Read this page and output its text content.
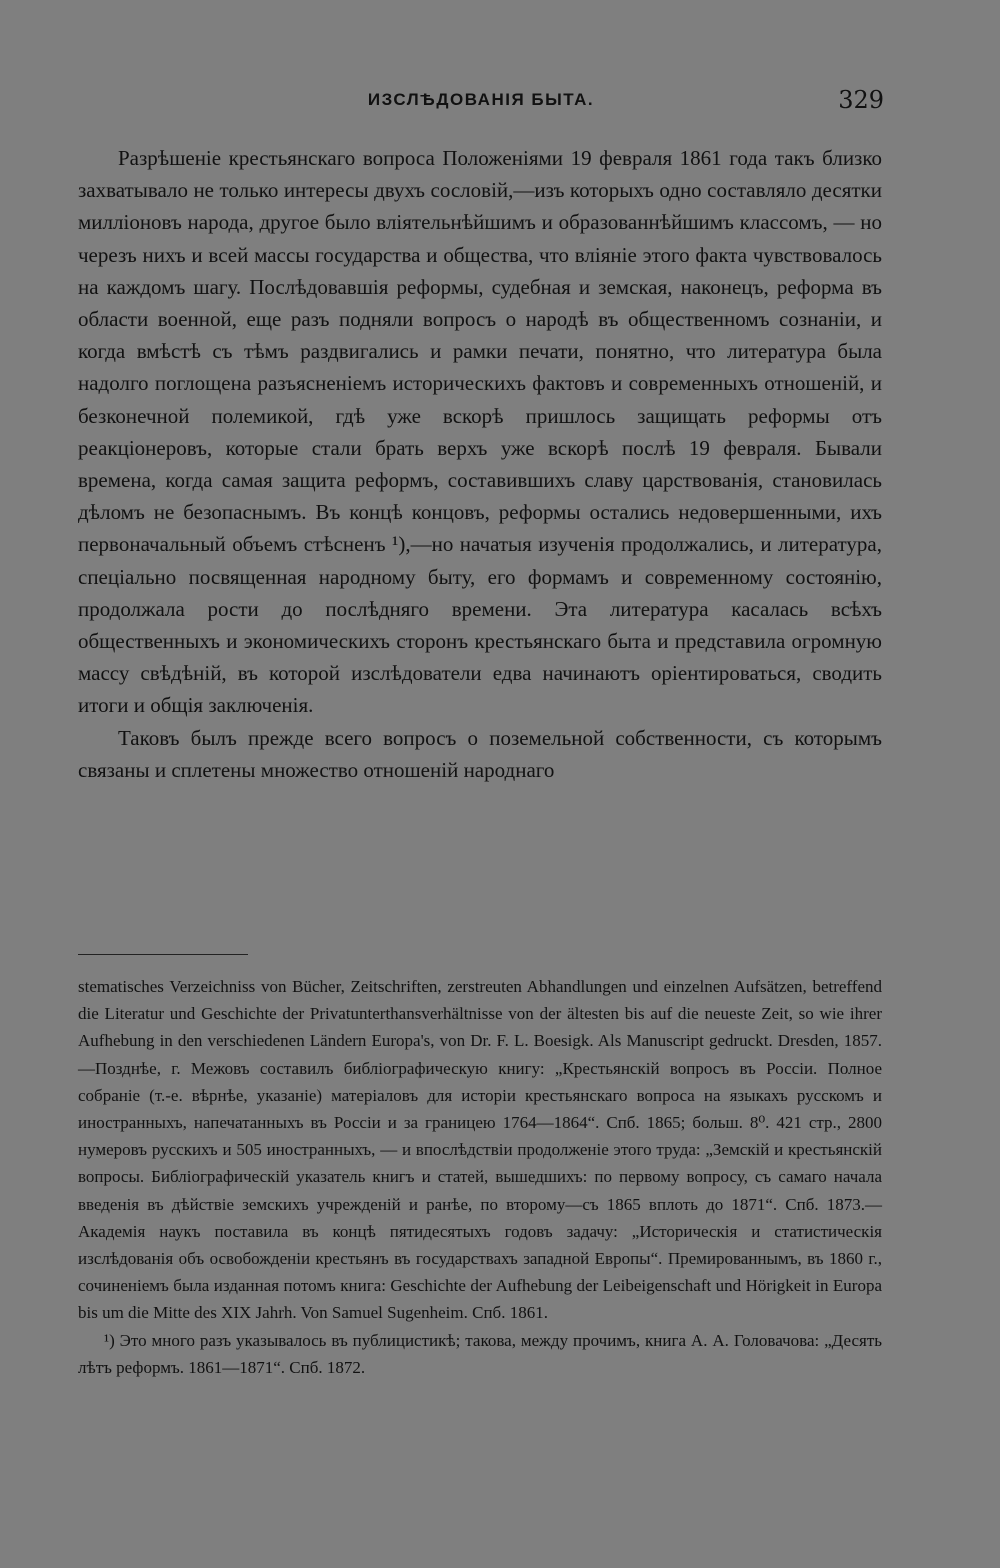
ИЗСЛѢДОВАНІЯ БЫТА.	329

Разрѣшеніе крестьянскаго вопроса Положеніями 19 февраля 1861 года такъ близко захватывало не только интересы двухъ сословій,—изъ которыхъ одно составляло десятки милліоновъ народа, другое было вліятельнѣйшимъ и образованнѣйшимъ классомъ, — но черезъ нихъ и всей массы государства и общества, что вліяніе этого факта чувствовалось на каждомъ шагу. Послѣдовавшія реформы, судебная и земская, наконецъ, реформа въ области военной, еще разъ подняли вопросъ о народѣ въ общественномъ сознаніи, и когда вмѣстѣ съ тѣмъ раздвигались и рамки печати, понятно, что литература была надолго поглощена разъясненіемъ историческихъ фактовъ и современныхъ отношеній, и безконечной полемикой, гдѣ уже вскорѣ пришлось защищать реформы отъ реакціонеровъ, которые стали брать верхъ уже вскорѣ послѣ 19 февраля. Бывали времена, когда самая защита реформъ, составившихъ славу царствованія, становилась дѣломъ не безопаснымъ. Въ концѣ концовъ, реформы остались недовершенными, ихъ первоначальный объемъ стѣсненъ ¹),—но начатыя изученія продолжались, и литература, спеціально посвященная народному быту, его формамъ и современному состоянію, продолжала рости до послѣдняго времени. Эта литература касалась всѣхъ общественныхъ и экономическихъ сторонъ крестьянскаго быта и представила огромную массу свѣдѣній, въ которой изслѣдователи едва начинаютъ оріентироваться, сводить итоги и общія заключенія.

Таковъ былъ прежде всего вопросъ о поземельной собственности, съ которымъ связаны и сплетены множество отношеній народнаго

stematisches Verzeichniss von Bücher, Zeitschriften, zerstreuten Abhandlungen und einzelnen Aufsätzen, betreffend die Literatur und Geschichte der Privatunterthansverhältnisse von der ältesten bis auf die neueste Zeit, so wie ihrer Aufhebung in den verschiedenen Ländern Europa's, von Dr. F. L. Boesigk. Als Manuscript gedruckt. Dresden, 1857.—Позднѣе, г. Межовъ составилъ библіографическую книгу: „Крестьянскій вопросъ въ Россіи. Полное собраніе (т.-е. вѣрнѣе, указаніе) матеріаловъ для исторіи крестьянскаго вопроса на языкахъ русскомъ и иностранныхъ, напечатанныхъ въ Россіи и за границею 1764—1864“. Спб. 1865; больш. 8⁰. 421 стр., 2800 нумеровъ русскихъ и 505 иностранныхъ, — и впослѣдствіи продолженіе этого труда: „Земскій и крестьянскій вопросы. Библіографическій указатель книгъ и статей, вышедшихъ: по первому вопросу, съ самаго начала введенія въ дѣйствіе земскихъ учрежденій и ранѣе, по второму—съ 1865 вплоть до 1871“. Спб. 1873.—Академія наукъ поставила въ концѣ пятидесятыхъ годовъ задачу: „Историческія и статистическія изслѣдованія объ освобожденіи крестьянъ въ государствахъ западной Европы“. Премированнымъ, въ 1860 г., сочиненіемъ была изданная потомъ книга: Geschichte der Aufhebung der Leibeigenschaft und Hörigkeit in Europa bis um die Mitte des XIX Jahrh. Von Samuel Sugenheim. Спб. 1861.

¹) Это много разъ указывалось въ публицистикѣ; такова, между прочимъ, книга А. А. Головачова: „Десять лѣтъ реформъ. 1861—1871“. Спб. 1872.
